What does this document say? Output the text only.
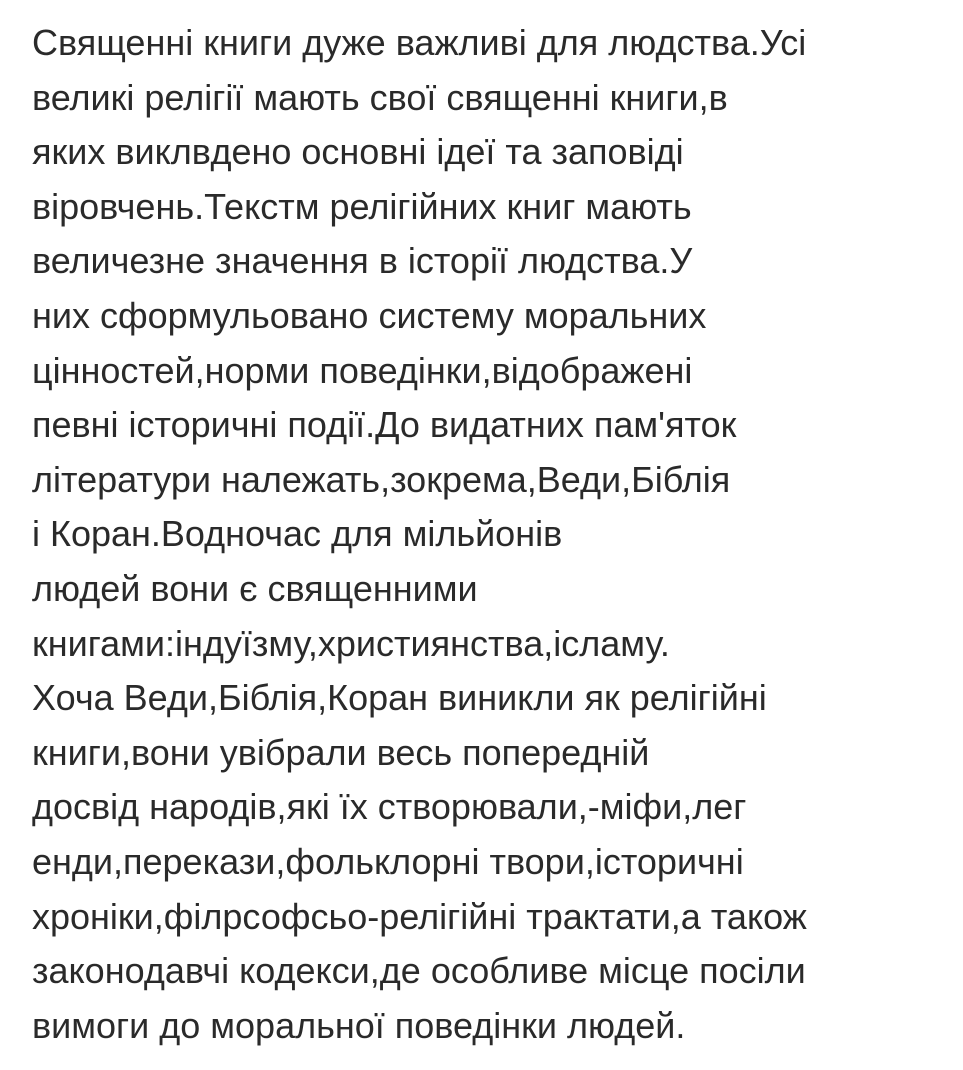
Священні книги дуже важливі для людства.Усі
великі релігії мають свої священні книги,в
яких виклвдено основні ідеї та заповіді
віровчень.Текстм релігійних книг мають
величезне значення в історії людства.У
них сформульовано систему моральних
цінностей,норми поведінки,відображені
певні історичні події.До видатних пам'яток
літератури належать,зокрема,Веди,Біблія
і Коран.Водночас для мільйонів
людей вони є священними
книгами:індуїзму,християнства,ісламу.
Хоча Веди,Біблія,Коран виникли як релігійні
книги,вони увібрали весь попередній
досвід народів,які їх створювали,-міфи,лег
енди,перекази,фольклорні твори,історичні
хроніки,філрсофсьо-релігійні трактати,а також
законодавчі кодекси,де особливе місце посіли
вимоги до моральної поведінки людей.
